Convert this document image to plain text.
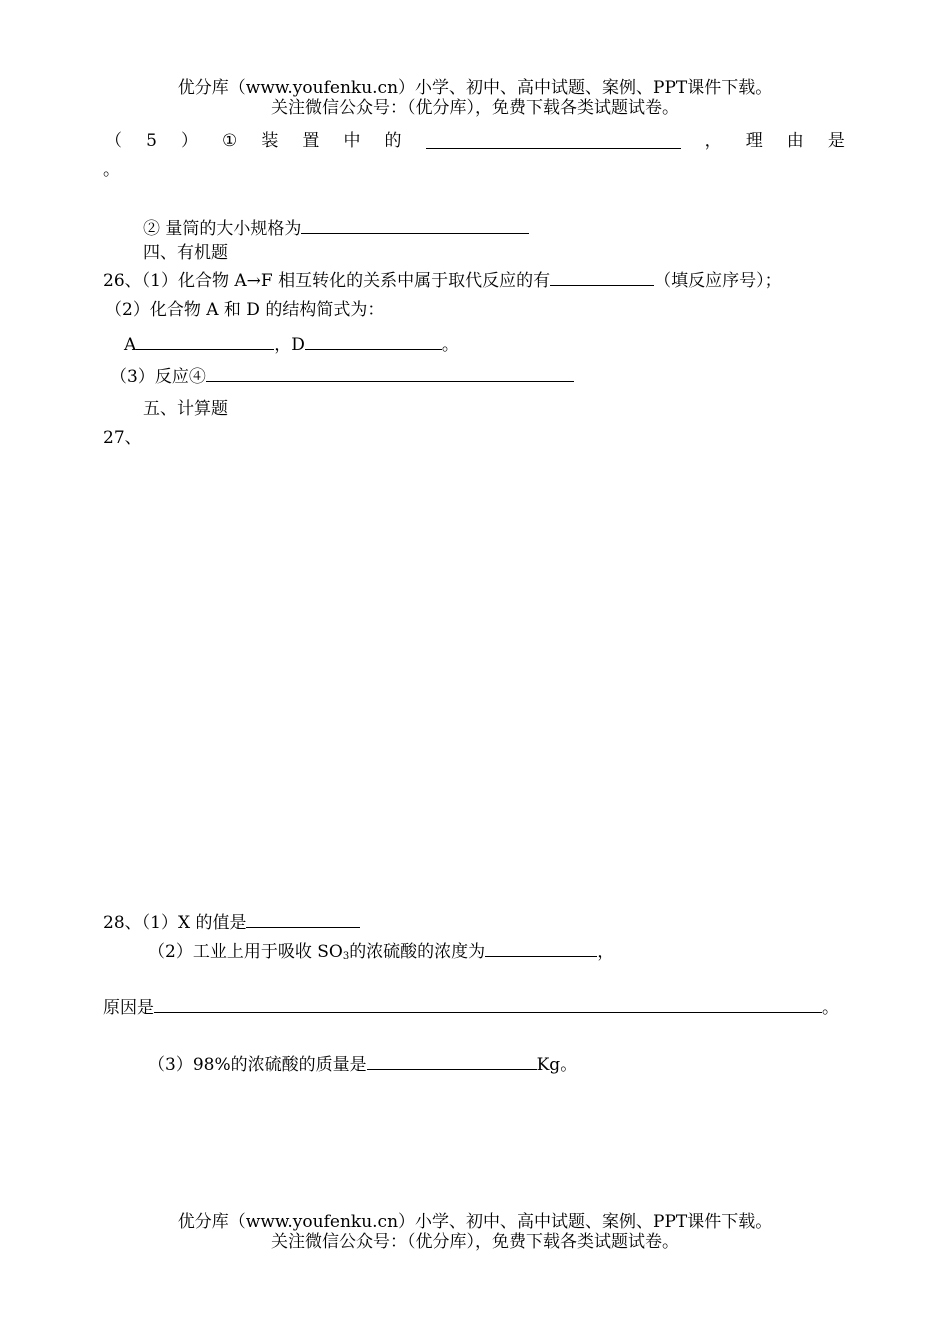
优分库（www.youfenku.cn）小学、初中、高中试题、案例、PPT课件下载。
关注微信公众号：（优分库），免费下载各类试题试卷。
（ 5 ） ① 装 置 中 的	， 理 由 是
。
② 量筒的大小规格为
四、有机题
26、（1）化合物 A→F 相互转化的关系中属于取代反应的有	（填反应序号）；
（2）化合物 A 和 D 的结构简式为：
A	，D	。
（3）反应④
五、计算题
27、
28、（1）X 的值是
（2）工业上用于吸收 $SO_3$的浓硫酸的浓度为	，
原因是	。
（3）98%的浓硫酸的质量是	Kg。
优分库（www.youfenku.cn）小学、初中、高中试题、案例、PPT课件下载。
关注微信公众号：（优分库），免费下载各类试题试卷。
